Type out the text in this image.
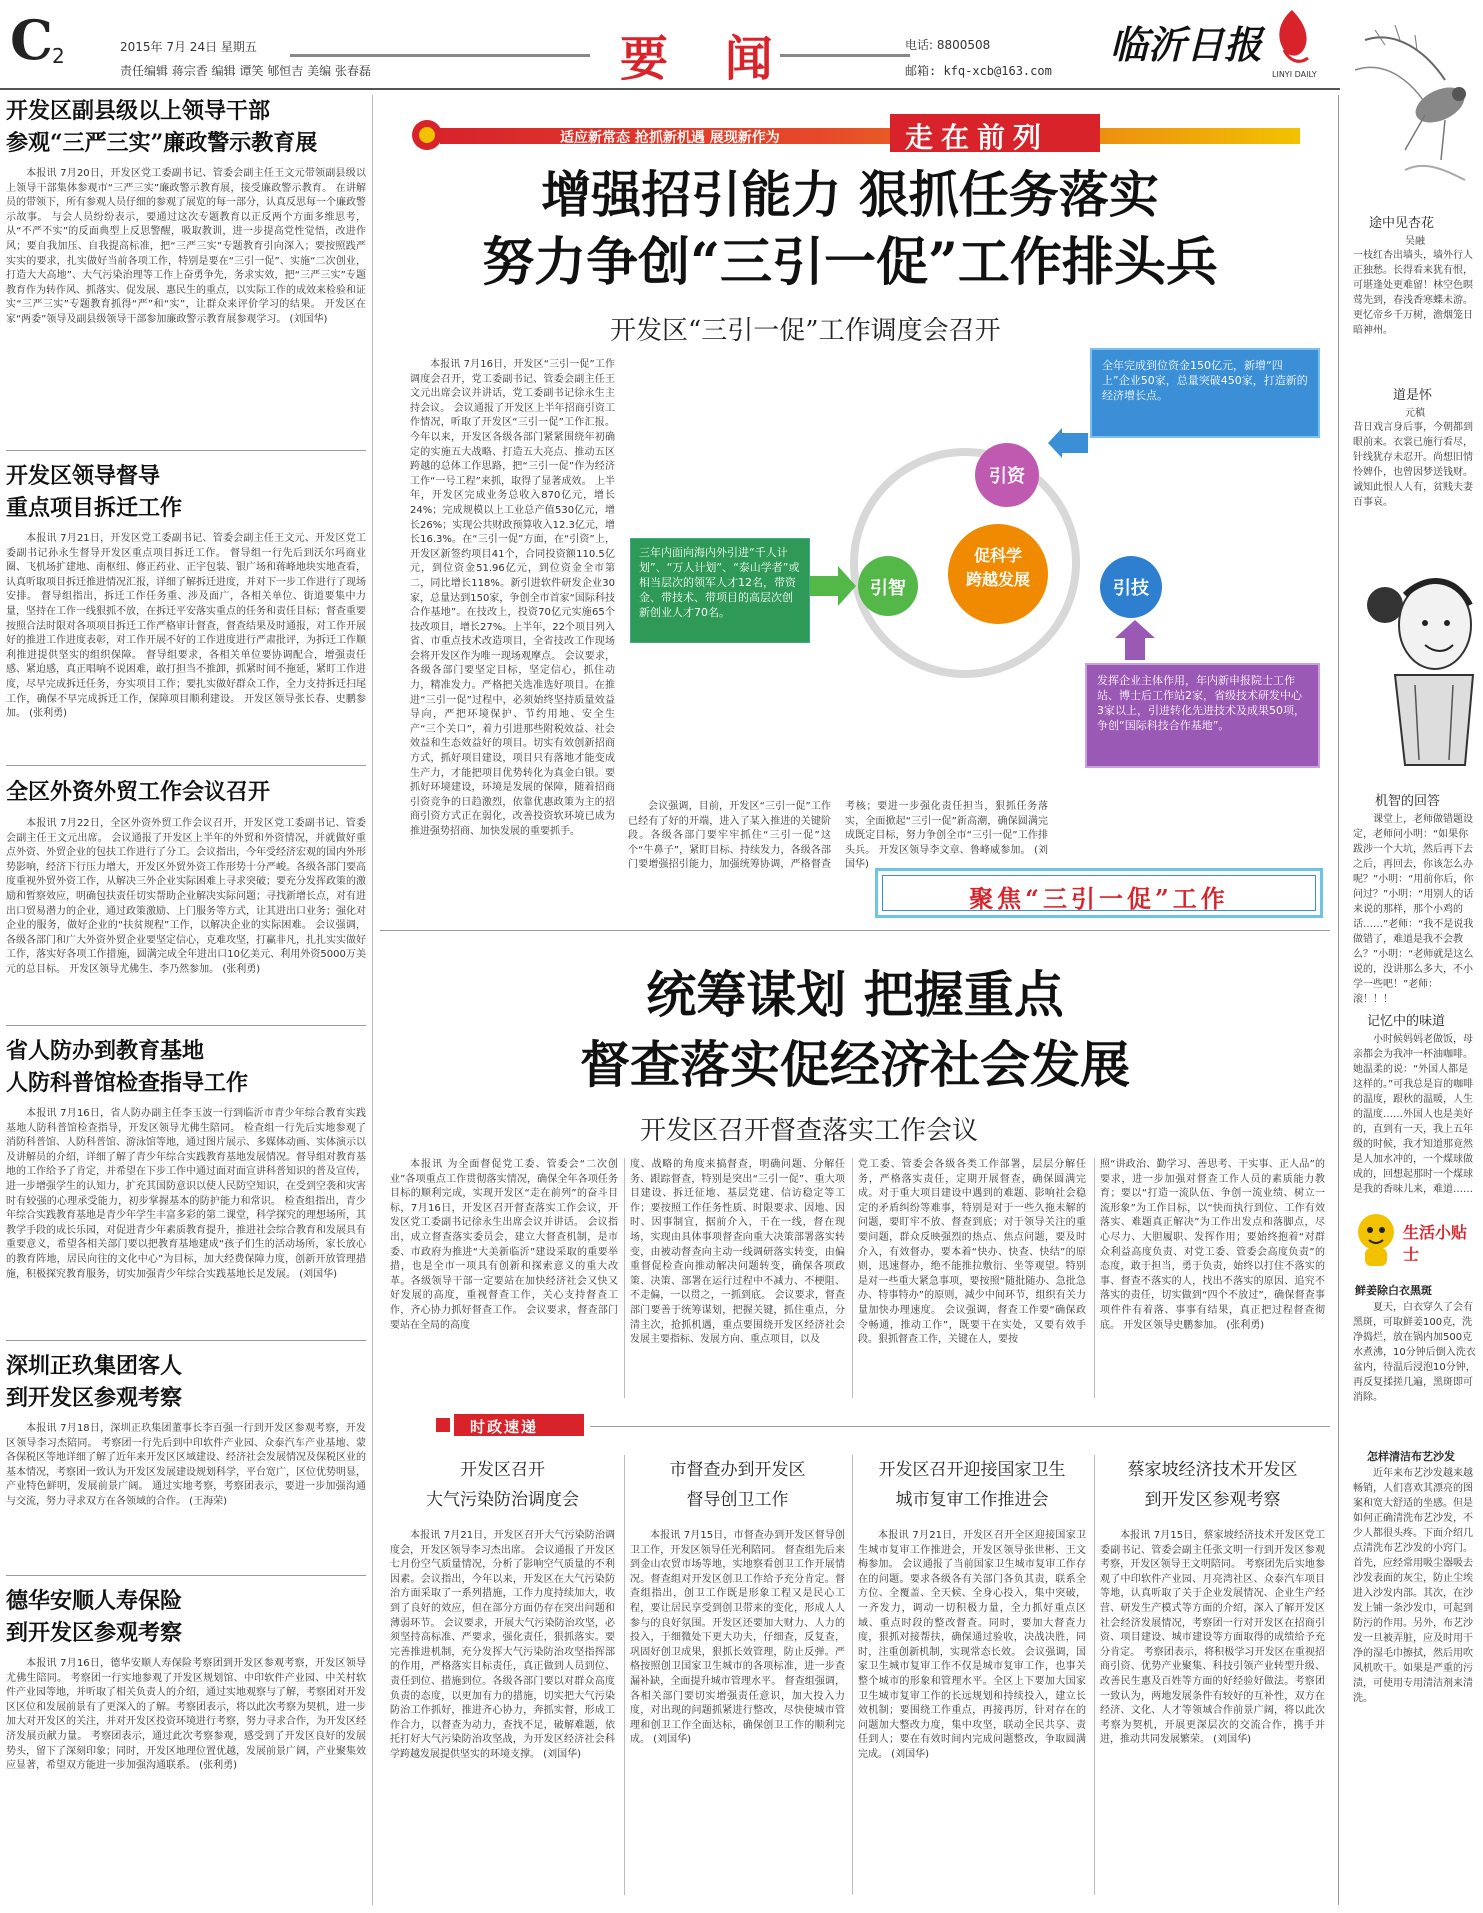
C 2	2015年 7月 24日 星期五
责任编辑 蒋宗香 编辑 谭笑 郇恒吉 美编 张春磊	要 闻	电话: 8800508
邮箱: kfq-xcb@163.com
临沂日报
LINYI DAILY
开发区副县级以上领导干部
参观“三严三实”廉政警示教育展
本报讯 7月20日，开发区党工委副书记、管委会副主任王文元带领副县级以上领导干部集体参观市“三严三实”廉政警示教育展，接受廉政警示教育。 在讲解员的带领下，所有参观人员仔细的参观了展览的每一部分，认真反思每一个廉政警示故事。 与会人员纷纷表示，要通过这次专题教育以正反两个方面多维思考，从“不严不实”的反面典型上反思警醒，吸取教训，进一步提高党性觉悟，改进作风；要自我加压、自我提高标准，把“三严三实”专题教育引向深入；要按照践严实实的要求，扎实做好当前各项工作，特别是要在“三引一促”、实施“二次创业，打造大大高地”、大气污染治理等工作上奋勇争先，务求实效，把“三严三实”专题教育作为转作风、抓落实、促发展、惠民生的重点，以实际工作的成效来检验和证实“三严三实”专题教育抓得“严”和“实”，让群众来评价学习的结果。 开发区在家“两委”领导及副县级领导干部参加廉政警示教育展参观学习。 (刘国华)
开发区领导督导
重点项目拆迁工作
本报讯 7月21日，开发区党工委副书记、管委会副主任王文元、开发区党工委副书记孙永生督导开发区重点项目拆迁工作。 督导组一行先后到沃尔玛商业圈、飞机场扩建地、南枢纽、修正药业、正宇包装、银广场和蒋峰地块实地查看，认真听取项目拆迁推进情况汇报，详细了解拆迁进度，并对下一步工作进行了现场安排。 督导组指出，拆迁工作任务重、涉及面广，各相关单位、街道要集中力量，坚持在工作一线狠抓不放，在拆迁平安落实重点的任务和责任目标；督查重要按照合法时限对各项项目拆迁工作严格审计督查，督查结果及时通报，对工作开展好的推进工作进度表彰，对工作开展不好的工作进度进行严肃批评，为拆迁工作顺利推进提供坚实的组织保障。 督导组要求，各相关单位要协调配合，增强责任感、紧迫感，真正唱响不说困难，敢打担当不推卸，抓紧时间不拖延，紧盯工作进度，尽早完成拆迁任务，夯实项目工作；要扎实做好群众工作，全力支持拆迁扫尾工作，确保不早完成拆迁工作，保障项目顺利建设。 开发区领导张长春、史鹏参加。 (张利勇)
全区外资外贸工作会议召开
本报讯 7月22日，全区外资外贸工作会议召开，开发区党工委副书记、管委会副主任王文元出席。 会议通报了开发区上半年的外贸和外资情况，并就做好重点外资、外贸企业的包扶工作进行了分工。会议指出，今年受经济宏观的国内外形势影响，经济下行压力增大，开发区外贸外资工作形势十分严峻。各级各部门要高度重视外贸外资工作，从解决三外企业实际困难上寻求突破；要充分发挥政策的激励和暂察效应，明确包扶责任切实帮助企业解决实际问题；寻找新增长点，对有进出口贸易潜力的企业，通过政策激励、上门服务等方式，让其进出口业务；强化对企业的服务，做好企业的“扶贫规程”工作，以解决企业的实际困难。 会议强调，各级各部门和广大外资外贸企业要坚定信心，克难攻坚，打赢非凡，扎扎实实做好工作，落实好各项工作措施，圆满完成全年进出口10亿美元、利用外资5000万美元的总目标。 开发区领导尤佛生、李乃然参加。 (张利勇)
省人防办到教育基地
人防科普馆检查指导工作
本报讯 7月16日，省人防办副主任李玉波一行到临沂市青少年综合教育实践基地人防科普馆检查指导，开发区领导尤佛生陪同。 检查组一行先后实地参观了消防科普馆、人防科普馆、游泳馆等地，通过图片展示、多媒体动画、实体演示以及讲解员的介绍，详细了解了青少年综合实践教育基地发展情况。督导组对教育基地的工作给予了肯定，并希望在下步工作中通过面对面宣讲科普知识的普及宣传，进一步增强学生的认知力，扩充其国防意识以使人民防空知识，在受到空袭和灾害时有较强的心理承受能力，初步掌握基本的防护能力和常识。 检查组指出，青少年综合实践教育基地是青少年学生丰富多彩的第二课堂，科学探究的理想场所，其教学手段的成长乐园，对促进青少年素质教育提升，推进社会综合教育和发展具有重要意义，希望各相关部门要以把教育基地建成“孩子们生的活动场所，家长放心的教育阵地，居民向往的文化中心”为目标，加大经费保障力度，创新开放管理措施，积极探究教育服务，切实加强青少年综合实践基地长足发展。 (刘国华)
深圳正玖集团客人
到开发区参观考察
本报讯 7月18日，深圳正玖集团董事长李百强一行到开发区参观考察，开发区领导李习杰陪同。 考察团一行先后到中印软件产业园、众泰汽车产业基地、蒙各保税区等地详细了解了近年来开发区区域建设、经济社会发展情况及保税区业的基本情况，考察团一致认为开发区发展建设规划科学，平台宽广，区位优势明显，产业特色鲜明，发展前景广阔。 通过实地考察，考察团表示，要进一步加强沟通与交流，努力寻求双方在各领域的合作。 (王海荣)
德华安顺人寿保险
到开发区参观考察
本报讯 7月16日，德华安顺人寿保险考察团到开发区参观考察，开发区领导尤佛生陪同。 考察团一行实地参观了开发区规划馆、中印软件产业园、中关村软件产业园等地，并听取了相关负责人的介绍，通过实地观察与了解，考察团对开发区区位和发展前景有了更深入的了解。考察团表示，将以此次考察为契机，进一步加大对开发区的关注，并对开发区投资环境进行考察，努力寻求合作，为开发区经济发展贡献力量。 考察团表示，通过此次考察参观，感受到了开发区良好的发展势头，留下了深刻印象；同时，开发区地理位置优越，发展前景广阔，产业聚集效应显著，希望双方能进一步加强沟通联系。 (张利勇)
适应新常态 抢抓新机遇 展现新作为	走在前列
增强招引能力 狠抓任务落实
努力争创“三引一促”工作排头兵
开发区“三引一促”工作调度会召开
本报讯 7月16日，开发区“三引一促”工作调度会召开，党工委副书记、管委会副主任王文元出席会议并讲话，党工委副书记徐永生主持会议。 会议通报了开发区上半年招商引资工作情况，听取了开发区“三引一促”工作汇报。今年以来，开发区各级各部门紧紧围绕年初确定的实施五大战略、打造五大亮点、推动五区跨越的总体工作思路，把“三引一促”作为经济工作“一号工程”来抓，取得了显著成效。 上半年，开发区完成业务总收入870亿元，增长24%；完成规模以上工业总产值530亿元，增长26%；实现公共财政预算收入12.3亿元，增长16.3%。在“三引一促”方面，在“引资”上，开发区新签约项目41个，合同投资额110.5亿元，到位资金51.96亿元，到位资金全市第二，同比增长118%。新引进软件研发企业30家，总量达到150家，争创全市首家“国际科技合作基地”。在技改上，投资70亿元实施65个技改项目，增长27%。上半年，22个项目列入省、市重点技术改造项目，全省技改工作现场会将开发区作为唯一现场观摩点。 会议要求，各级各部门要坚定目标，坚定信心，抓住动力，精准发力。严格把关选准选好项目。在推进“三引一促”过程中，必须始终坚持质量效益导向，严把环境保护、节约用地、安全生产“三个关口”，着力引进那些附税效益、社会效益和生态效益好的项目。切实有效创新招商方式，抓好项目建设，项目只有落地才能变成生产力，才能把项目优势转化为真金白银。要抓好环境建设，环境是发展的保障，随着招商引资竞争的日趋激烈，依靠优惠政策为主的招商引资方式正在弱化，改善投资软环境已成为推进强势招商、加快发展的重要抓手。
会议强调，目前，开发区“三引一促”工作已经有了好的开端，进入了某入推进的关键阶段。各级各部门要牢牢抓住“三引一促”这个“牛鼻子”，紧盯目标、持续发力，各级各部门要增强招引能力，加强统筹协调，严格督查考核；要进一步强化责任担当，狠抓任务落实，全面掀起“三引一促”新高潮，确保圆满完成既定目标，努力争创全市“三引一促”工作排头兵。 开发区领导李文章、鲁峰威参加。 (刘国华)
促科学
跨越发展
引资
引智	引技
全年完成到位资金150亿元，新增“四上”企业50家，总量突破450家，打造新的经济增长点。
三年内面向海内外引进“千人计划”、“万人计划”、“泰山学者”或相当层次的领军人才12名，带资金、带技术、带项目的高层次创新创业人才70名。
发挥企业主体作用，年内新申报院士工作站、博士后工作站2家，省级技术研发中心3家以上，引进转化先进技术及成果50项，争创“国际科技合作基地”。
聚焦“三引一促”工作
统筹谋划 把握重点
督查落实促经济社会发展
开发区召开督查落实工作会议
本报讯 为全面督促党工委、管委会“二次创业”各项重点工作贯彻落实情况，确保全年各项任务目标的顺利完成，实现开发区“走在前列”的奋斗目标，7月16日，开发区召开督查落实工作会议，开发区党工委副书记徐永生出席会议并讲话。 会议指出，成立督查落实委员会，建立大督查机制，是市委、市政府为推进“大美新临沂”建设采取的重要举措，也是全市一项具有创新和探索意义的重大改革。各级领导干部一定要站在加快经济社会又快又好发展的高度，重视督查工作，关心支持督查工作，齐心协力抓好督查工作。 会议要求，督查部门要站在全局的高度
度、战略的角度来搞督查，明确问题、分解任务、跟踪督查，特别是突出“三引一促”、重大项目建设、拆迁征地、基层党建、信访稳定等工作；要按照工作任务性质、时限要求、因地、因时、因事制宜，据前介入，干在一线，督在现场，实现由具体事项督查向重大决策部署落实转变，由被动督查向主动一线调研落实转变，由偏重督促检查向推动解决问题转变，确保各项政策、决策、部署在运行过程中不减力、不梗阻、不走偏，一以贯之，一抓到底。 会议要求，督查部门要善于统筹谋划，把握关键，抓住重点，分清主次，抢抓机遇，重点要围绕开发区经济社会发展主要指标、发展方向、重点项目，以及
党工委、管委会各级各类工作部署，层层分解任务，严格落实责任，定期开展督查，确保圆满完成。对于重大项目建设中遇到的难题、影响社会稳定的矛盾纠纷等难事，特别是对于一些久拖未解的问题，要盯牢不放、督查到底；对于领导关注的重要问题，群众反映强烈的热点、焦点问题，要及时介入，有效督办，要本着“快办、快查、快结”的原则，迅速督办，绝不能推拉敷衍、坐等观望。特别是对一些重大紧急事项，要按照“随批随办、急批急办、特事特办”的原则，减少中间环节，组织有关力量加快办理速度。 会议强调，督查工作要“确保政令畅通，推动工作”，既要干在实处，又要有效手段。狠抓督查工作，关键在人，要按
照“讲政治、勤学习、善思考、干实事、正人品”的要求，进一步加强对督查工作人员的素质能力教育；要以“打造一流队伍、争创一流业绩、树立一流形象”为工作目标，以“快而执行到位、工作有效落实、难题真正解决”为工作出发点和落脚点，尽心尽力、大胆履职、发挥作用；要始终抱着“对群众利益高度负责、对党工委、管委会高度负责”的态度，敢于担当，勇于负责，始终以打住不落实的事、督查不落实的人，找出不落实的原因、追究不落实的责任，切实做到“四个不放过”，确保督查事项件件有着落、事事有结果，真正把过程督查彻底。 开发区领导史鹏参加。 (张利勇)
时政速递
开发区召开
大气污染防治调度会
本报讯 7月21日，开发区召开大气污染防治调度会，开发区领导李习杰出席。 会议通报了开发区七月份空气质量情况，分析了影响空气质量的不利因素。会议指出，今年以来，开发区在大气污染防治方面采取了一系列措施，工作力度持续加大，收到了良好的效应，但在部分方面仍存在突出问题和薄弱环节。 会议要求，开展大气污染防治攻坚，必须坚持高标准、严要求，强化责任，狠抓落实。要完善推进机制，充分发挥大气污染防治攻坚指挥部的作用，严格落实目标责任，真正做到人员到位、责任到位、措施到位。各级各部门要以对群众高度负责的态度，以更加有力的措施，切实把大气污染防治工作抓好，推进齐心协力，奔抓实督，形成工作合力，以督查为动力，查找不足，破解难题，依托打好大气污染防治攻坚战，为开发区经济社会科学跨越发展提供坚实的环境支撑。 (刘国华)
市督查办到开发区
督导创卫工作
本报讯 7月15日，市督查办到开发区督导创卫工作，开发区领导任光利陪同。 督查组先后来到金山农贸市场等地，实地察看创卫工作开展情况。督查组对开发区创卫工作给予充分肯定。督查组指出，创卫工作既是形象工程又是民心工程，要让居民享受到创卫带来的变化，形成人人参与的良好氛围。开发区还要加大财力、人力的投入，于细微处下更大功夫，仔细查，反复查，巩固好创卫成果，狠抓长效管理，防止反弹。严格按照创卫国家卫生城市的各项标准，进一步查漏补缺，全面提升城市管理水平。 督查组强调，各相关部门要切实增强责任意识，加大投入力度，对出现的问题抓紧进行整改，尽快使城市管理和创卫工作全面达标，确保创卫工作的顺利完成。 (刘国华)
开发区召开迎接国家卫生
城市复审工作推进会
本报讯 7月21日，开发区召开全区迎接国家卫生城市复审工作推进会，开发区领导张世彬、王文梅参加。 会议通报了当前国家卫生城市复审工作存在的问题。要求各级各有关部门各负其责，联系全方位、全覆盖、全天候、全身心投入，集中突破，一齐发力，调动一切积极力量，全力抓好重点区域、重点时段的整改督查。同时，要加大督查力度，狠抓对接帮扶，确保通过验收，决战决胜，同时，注重创新机制，实现常态长效。 会议强调，国家卫生城市复审工作不仅是城市复审工作，也事关整个城市的形象和管理水平。全区上下要加大国家卫生城市复审工作的长远规划和持续投入，建立长效机制；要围绕工作重点，再接再厉，针对存在的问题加大整改力度，集中攻坚，联动全民共享、责任到人；要在有效时间内完成问题整改，争取圆满完成。 (刘国华)
蔡家坡经济技术开发区
到开发区参观考察
本报讯 7月15日，蔡家坡经济技术开发区党工委副书记、管委会副主任张文明一行到开发区参观考察，开发区领导王文明陪同。 考察团先后实地参观了中印软件产业园、月亮湾社区、众泰汽车项目等地，认真听取了关于企业发展情况、企业生产经营、研发生产模式等方面的介绍，深入了解开发区社会经济发展情况，考察团一行对开发区在招商引资、项目建设、城市建设等方面取得的成绩给予充分肯定。 考察团表示，将积极学习开发区在重视招商引资、优势产业聚集、科技引领产业转型升级、改善民生惠及百姓等方面的好经验好做法。考察团一致认为，两地发展条件有较好的互补性，双方在经济、文化、人才等领域合作前景广阔，将以此次考察为契机，开展更深层次的交流合作，携手并进，推动共同发展繁荣。 (刘国华)
途中见杏花
吴融
一枝红杏出墙头，墙外行人正独愁。长得看来犹有恨，可堪逢处更难留！林空色暝莺先到，春浅香寒蝶未游。更忆帝乡千万树，澹烟笼日暗神州。
道是怀
元稹
昔日戏言身后事，今朝都到眼前来。衣裳已施行看尽，针线犹存未忍开。尚想旧情怜婢仆，也曾因梦送钱财。诚知此恨人人有，贫贱夫妻百事哀。
机智的回答
课堂上，老师做错题设定，老师问小明：“如果你跋涉一个大坑，然后再下去之后，再回去，你该怎么办呢？”小明：“用前你后，你问过？”小明：“用别人的话来说的那样，那个小鸡的话……”老师：“我不是说我做错了，难道是我不会教么？”小明：“老师就是这么说的，没讲那么多大，不小学一些吧！”老师：滚！！！
记忆中的味道
小时候妈妈老做饭，母亲都会为我冲一杯油咖啡。她温柔的说：“外国人都是这样的。”可我总是盲的咖啡的温度，跟秋的温暖，人生的温度……外国人也是美好的，直到有一天，我上五年级的时候，我才知道那竟然是人加水冲的，一个煤球做成的，回想起那时一个煤球是我的香味儿来，难道……
生活小贴士
鲜姜除白衣黑斑
夏天，白衣穿久了会有黑斑，可取鲜姜100克，洗净捣烂，放在锅内加500克水煮沸，10分钟后倒入洗衣盆内，待温后浸泡10分钟，再反复揉搓几遍，黑斑即可消除。
怎样清洁布艺沙发
近年来布艺沙发越来越畅销，人们喜欢其漂亮的图案和宽大舒适的坐感。但是如何正确清洗布艺沙发，不少人都很头疼。下面介绍几点清洗布艺沙发的小窍门。 首先，应经常用吸尘器吸去沙发表面的灰尘，防止尘埃进入沙发内部。其次，在沙发上铺一条沙发巾，可起到防污的作用。另外，布艺沙发一旦被弄脏，应及时用干净的湿毛巾擦拭，然后用吹风机吹干。如果是严重的污渍，可使用专用清洁剂来清洗。
